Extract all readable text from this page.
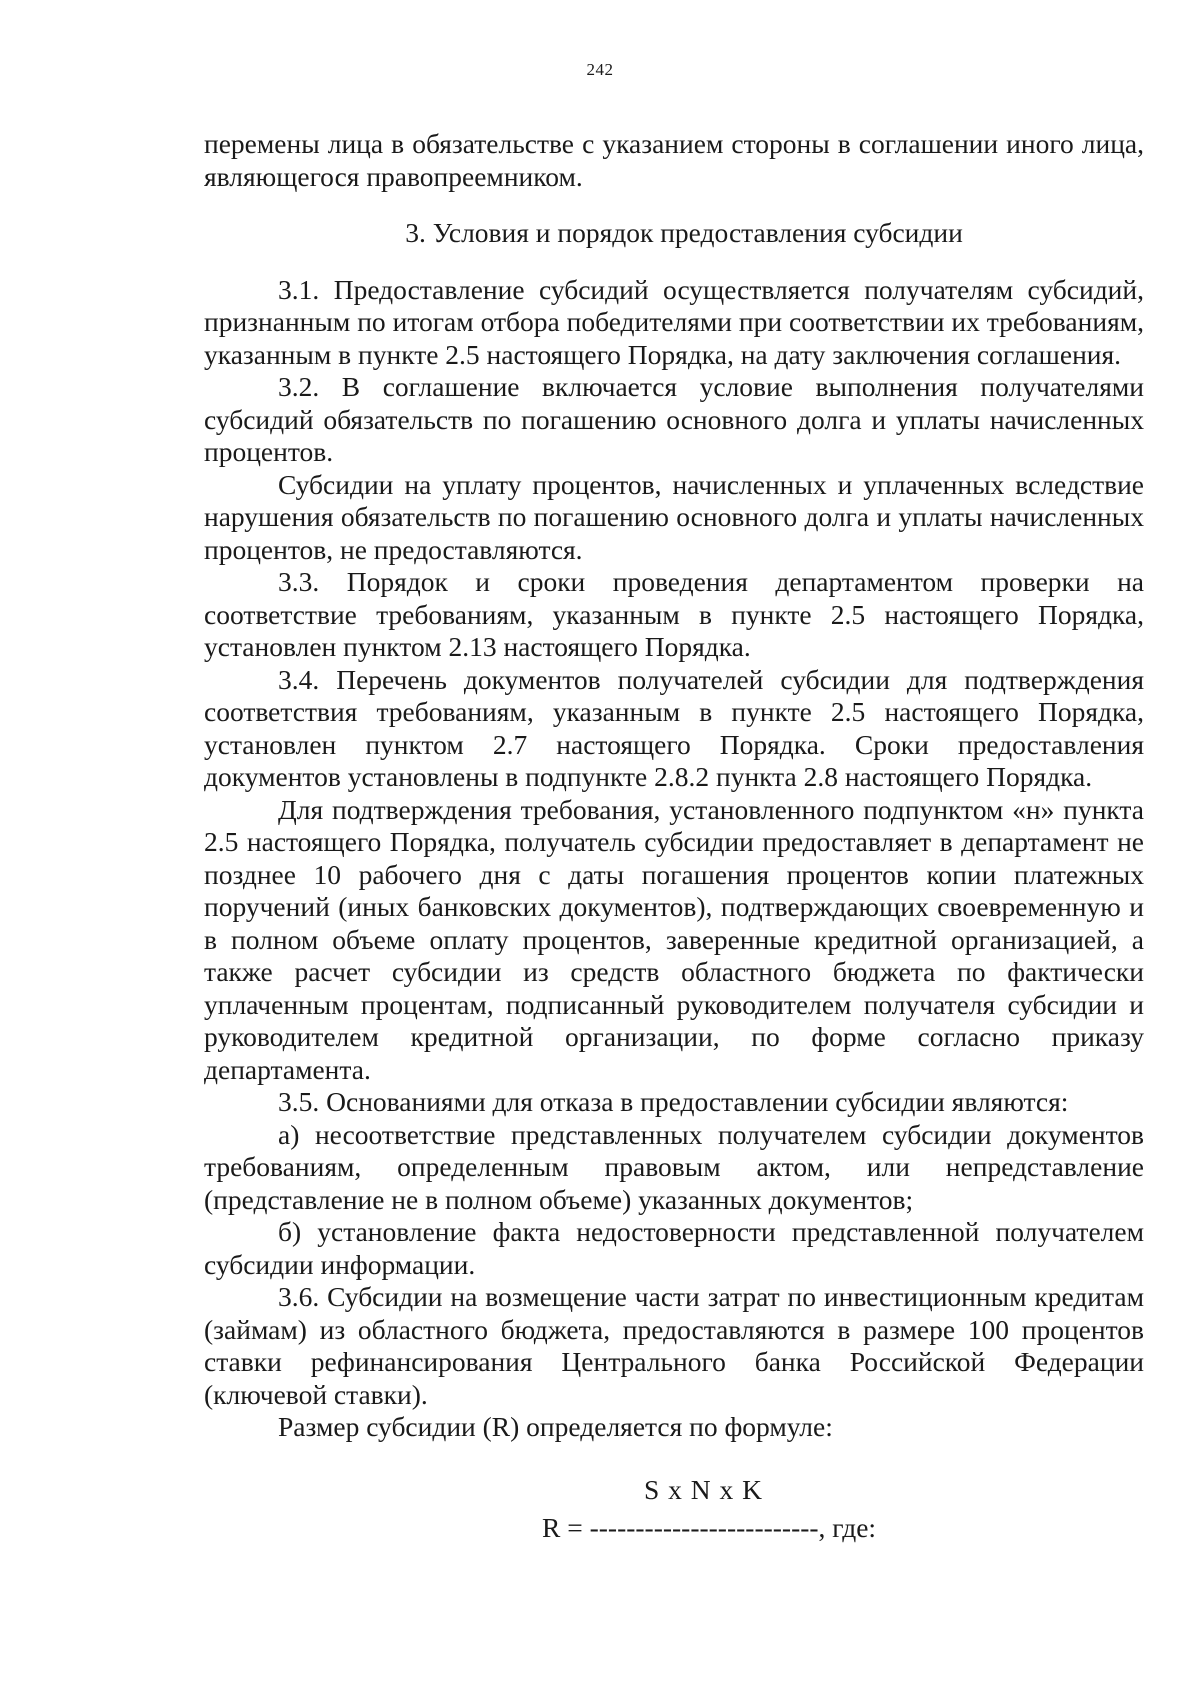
242

перемены лица в обязательстве с указанием стороны в соглашении иного лица, являющегося правопреемником.

3. Условия и порядок предоставления субсидии

3.1. Предоставление субсидий осуществляется получателям субсидий, признанным по итогам отбора победителями при соответствии их требованиям, указанным в пункте 2.5 настоящего Порядка, на дату заключения соглашения.

3.2. В соглашение включается условие выполнения получателями субсидий обязательств по погашению основного долга и уплаты начисленных процентов.

Субсидии на уплату процентов, начисленных и уплаченных вследствие нарушения обязательств по погашению основного долга и уплаты начисленных процентов, не предоставляются.

3.3. Порядок и сроки проведения департаментом проверки на соответствие требованиям, указанным в пункте 2.5 настоящего Порядка, установлен пунктом 2.13 настоящего Порядка.

3.4. Перечень документов получателей субсидии для подтверждения соответствия требованиям, указанным в пункте 2.5 настоящего Порядка, установлен пунктом 2.7 настоящего Порядка. Сроки предоставления документов установлены в подпункте 2.8.2 пункта 2.8 настоящего Порядка.

Для подтверждения требования, установленного подпунктом «н» пункта 2.5 настоящего Порядка, получатель субсидии предоставляет в департамент не позднее 10 рабочего дня с даты погашения процентов копии платежных поручений (иных банковских документов), подтверждающих своевременную и в полном объеме оплату процентов, заверенные кредитной организацией, а также расчет субсидии из средств областного бюджета по фактически уплаченным процентам, подписанный руководителем получателя субсидии и руководителем кредитной организации, по форме согласно приказу департамента.

3.5. Основаниями для отказа в предоставлении субсидии являются:

а) несоответствие представленных получателем субсидии документов требованиям, определенным правовым актом, или непредставление (представление не в полном объеме) указанных документов;

б) установление факта недостоверности представленной получателем субсидии информации.

3.6. Субсидии на возмещение части затрат по инвестиционным кредитам (займам) из областного бюджета, предоставляются в размере 100 процентов ставки рефинансирования Центрального банка Российской Федерации (ключевой ставки).

Размер субсидии (R) определяется по формуле:

S x N x K
R = -------------------------, где:
